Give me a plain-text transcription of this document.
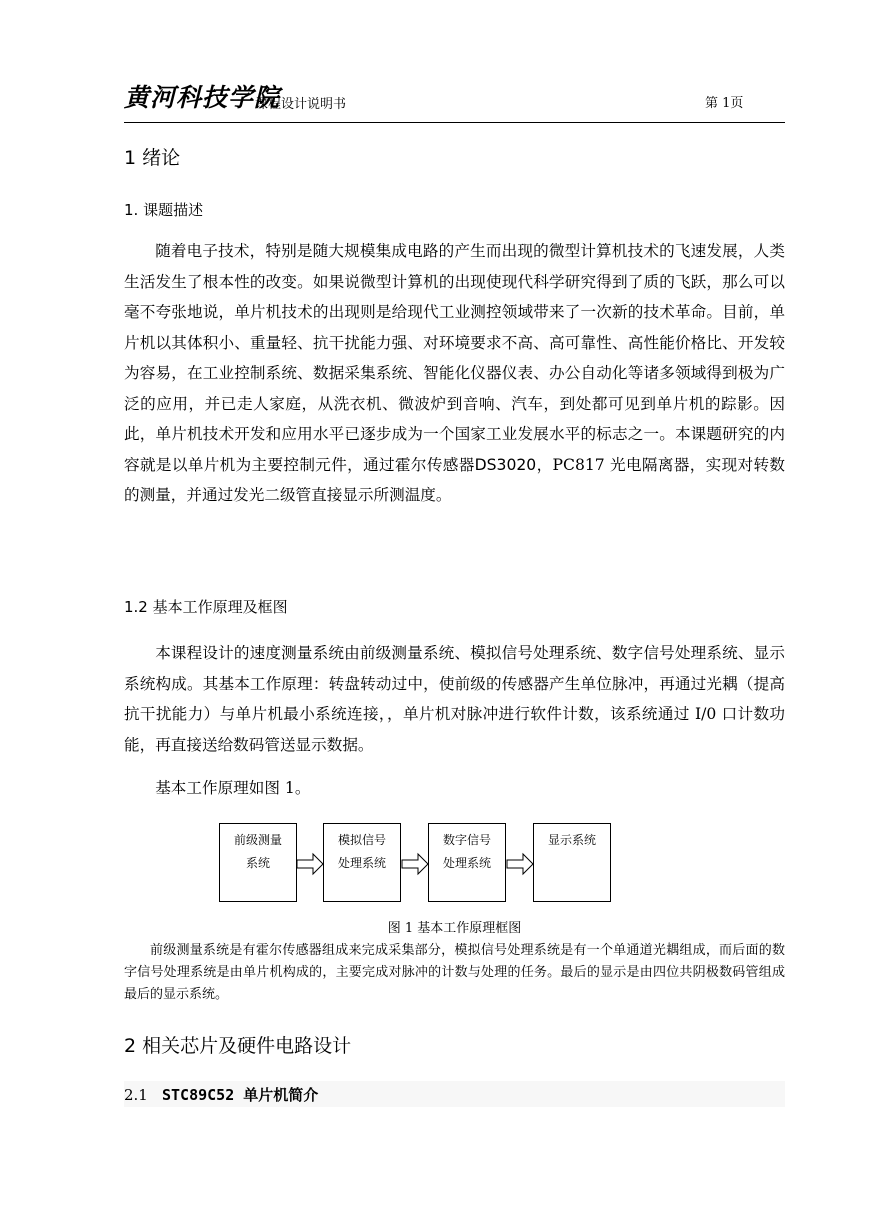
黄河科技学院
课程设计说明书	第 1页
1 绪论
1. 课题描述

随着电子技术，特别是随大规模集成电路的产生而出现的微型计算机技术的飞速发展，人类生活发生了根本性的改变。如果说微型计算机的出现使现代科学研究得到了质的飞跃，那么可以毫不夸张地说，单片机技术的出现则是给现代工业测控领域带来了一次新的技术革命。目前，单片机以其体积小、重量轻、抗干扰能力强、对环境要求不高、高可靠性、高性能价格比、开发较为容易，在工业控制系统、数据采集系统、智能化仪器仪表、办公自动化等诸多领域得到极为广泛的应用，并已走人家庭，从洗衣机、微波炉到音响、汽车，到处都可见到单片机的踪影。因此，单片机技术开发和应用水平已逐步成为一个国家工业发展水平的标志之一。本课题研究的内容就是以单片机为主要控制元件，通过霍尔传感器DS3020，PC817 光电隔离器，实现对转数的测量，并通过发光二级管直接显示所测温度。

1.2 基本工作原理及框图

本课程设计的速度测量系统由前级测量系统、模拟信号处理系统、数字信号处理系统、显示系统构成。其基本工作原理：转盘转动过中，使前级的传感器产生单位脉冲，再通过光耦（提高抗干扰能力）与单片机最小系统连接，，单片机对脉冲进行软件计数，该系统通过 I/0 口计数功能，再直接送给数码管送显示数据。

基本工作原理如图 1。

前级测量
系统
模拟信号
处理系统
数字信号
处理系统
显示系统
图 1 基本工作原理框图

前级测量系统是有霍尔传感器组成来完成采集部分，模拟信号处理系统是有一个单通道光耦组成，而后面的数字信号处理系统是由单片机构成的，主要完成对脉冲的计数与处理的任务。最后的显示是由四位共阴极数码管组成最后的显示系统。

2 相关芯片及硬件电路设计
2.1 STC89C52 单片机简介
